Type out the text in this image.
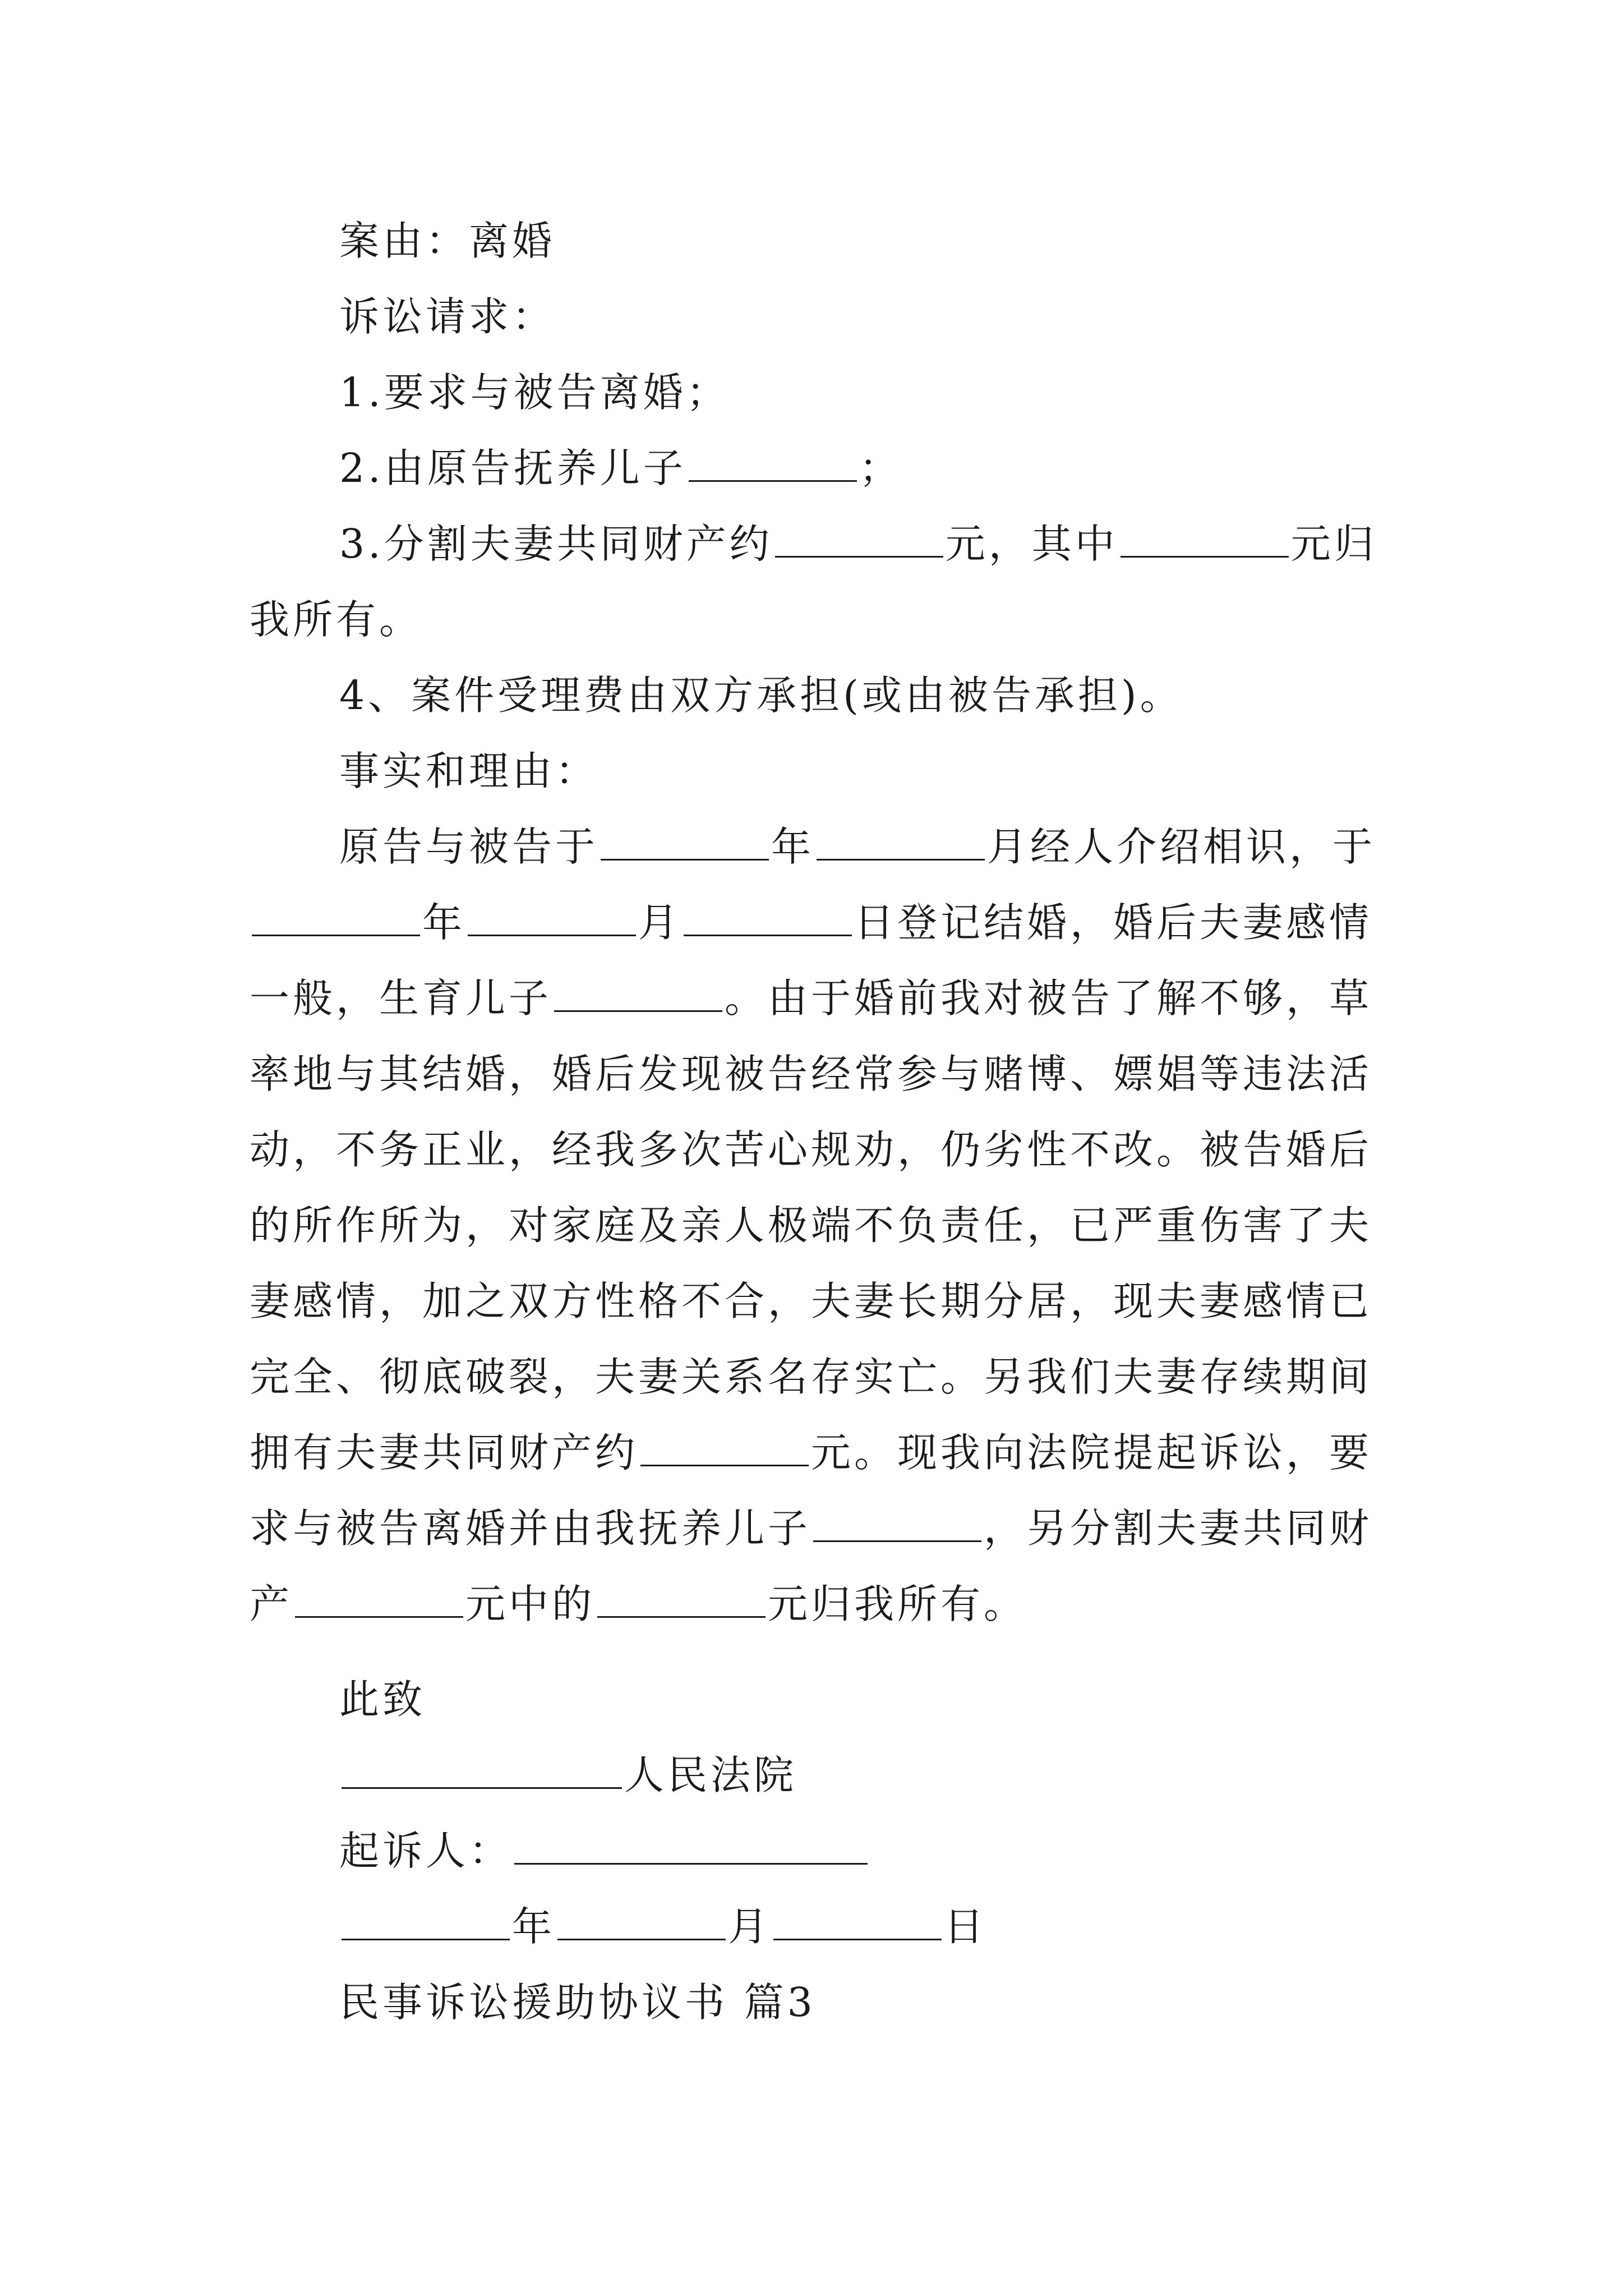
案由：离婚
诉讼请求：
1.要求与被告离婚；
2.由原告抚养儿子	；
3.分割夫妻共同财产约	元，其中	元归
我所有。
4、案件受理费由双方承担(或由被告承担)。
事实和理由：
原告与被告于	年	月经人介绍相识，于
年	月	日登记结婚，婚后夫妻感情
一般，生育儿子	。由于婚前我对被告了解不够，草
率地与其结婚，婚后发现被告经常参与赌博、嫖娼等违法活
动，不务正业，经我多次苦心规劝，仍劣性不改。被告婚后
的所作所为，对家庭及亲人极端不负责任，已严重伤害了夫
妻感情，加之双方性格不合，夫妻长期分居，现夫妻感情已
完全、彻底破裂，夫妻关系名存实亡。另我们夫妻存续期间
拥有夫妻共同财产约	元。现我向法院提起诉讼，要
求与被告离婚并由我抚养儿子	，另分割夫妻共同财
产	元中的	元归我所有。
此致
人民法院
起诉人：
年	月	日
民事诉讼援助协议书 篇3
